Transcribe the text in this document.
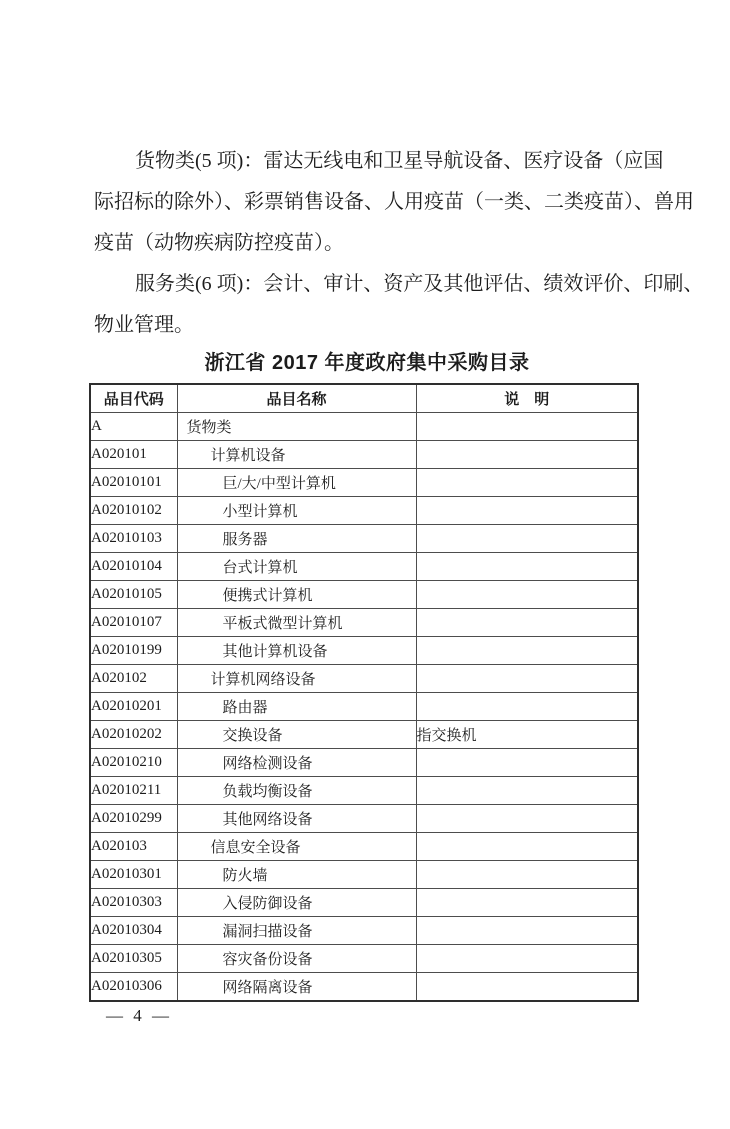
货物类(5 项)：雷达无线电和卫星导航设备、医疗设备（应国
际招标的除外）、彩票销售设备、人用疫苗（一类、二类疫苗）、兽用
疫苗（动物疾病防控疫苗）。
服务类(6 项)：会计、审计、资产及其他评估、绩效评价、印刷、
物业管理。
浙江省 2017 年度政府集中采购目录
品目代码	品目名称	说　明
A	货物类	
A020101	计算机设备	
A02010101	巨/大/中型计算机	
A02010102	小型计算机	
A02010103	服务器	
A02010104	台式计算机	
A02010105	便携式计算机	
A02010107	平板式微型计算机	
A02010199	其他计算机设备	
A020102	计算机网络设备	
A02010201	路由器	
A02010202	交换设备	指交换机
A02010210	网络检测设备	
A02010211	负载均衡设备	
A02010299	其他网络设备	
A020103	信息安全设备	
A02010301	防火墙	
A02010303	入侵防御设备	
A02010304	漏洞扫描设备	
A02010305	容灾备份设备	
A02010306	网络隔离设备	
— 4 —
